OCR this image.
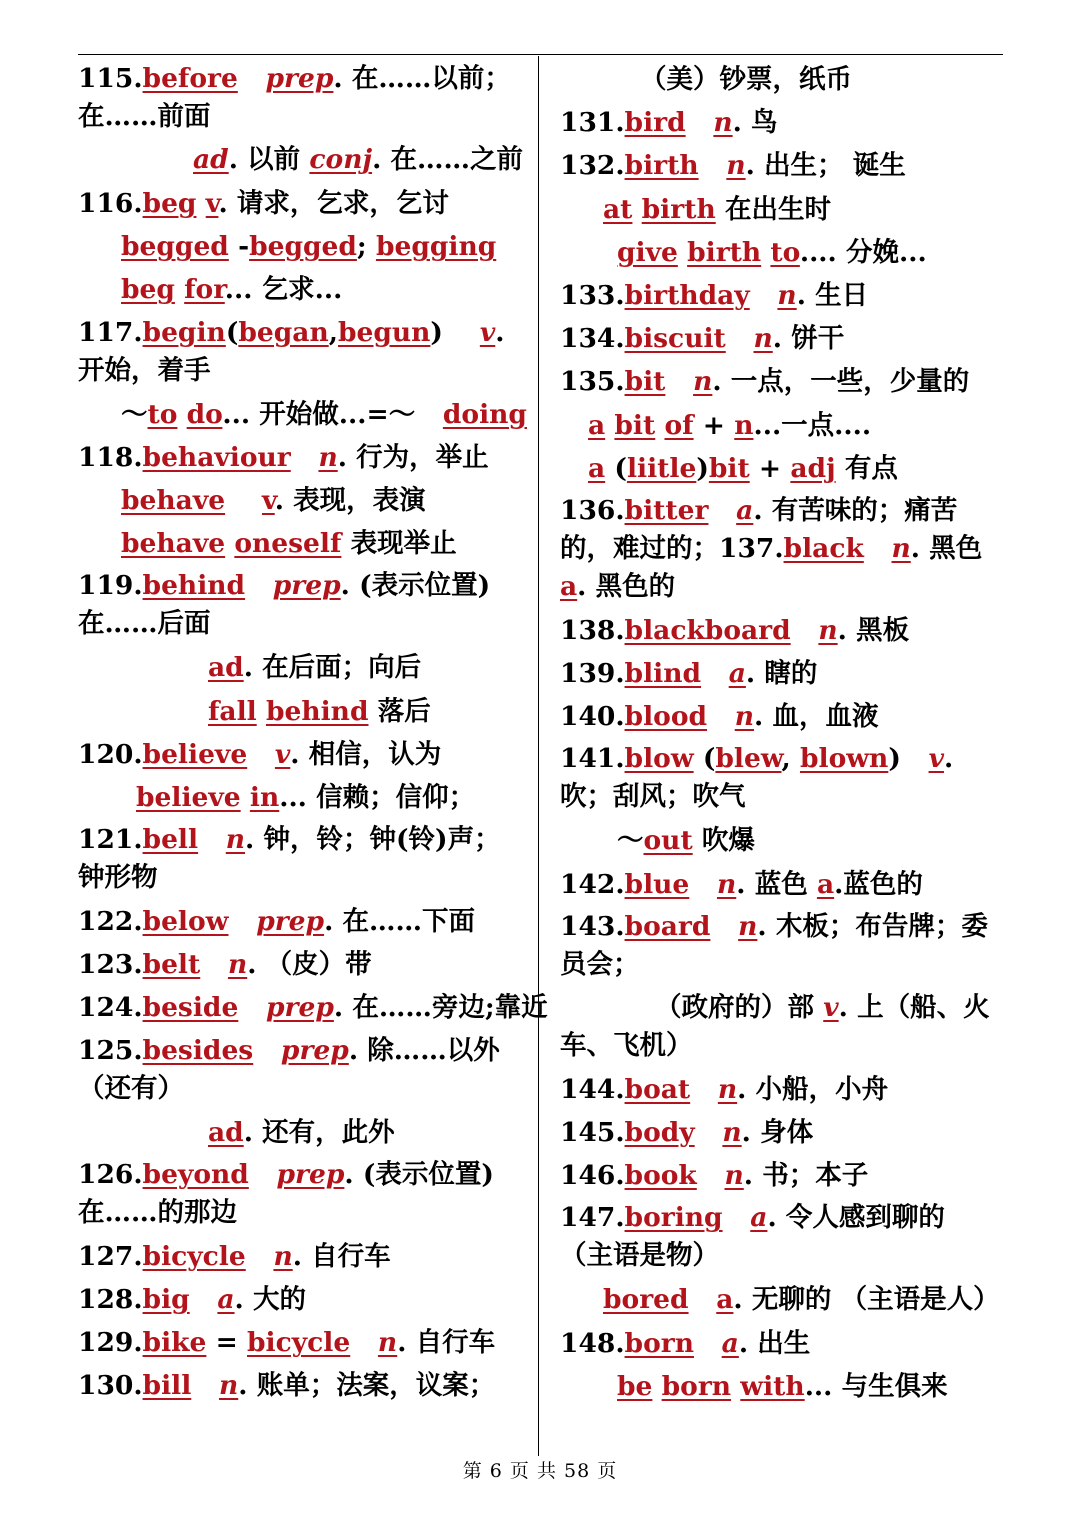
115.before prep. 在……以前；在……前面
ad. 以前 conj. 在……之前
116.beg v. 请求，乞求，乞讨
begged -begged; begging
beg for... 乞求...
117.begin(began,begun) v. 开始，着手
～to do... 开始做...=～   doing
118.behaviour n. 行为，举止
behave v. 表现，表演
behave oneself 表现举止
119.behind prep. (表示位置)在……后面
ad. 在后面；向后
fall behind 落后
120.believe v. 相信，认为
believe in... 信赖；信仰；
121.bell n. 钟，铃；钟(铃)声；钟形物
122.below prep. 在……下面
123.belt n. （皮）带
124.beside prep. 在……旁边;靠近
125.besides prep. 除……以外（还有）
ad. 还有，此外
126.beyond prep. (表示位置)在……的那边
127.bicycle n. 自行车
128.big a. 大的
129.bike = bicycle n. 自行车
130.bill n. 账单；法案，议案；
（美）钞票，纸币
131.bird n. 鸟
132.birth n. 出生； 诞生
at birth 在出生时
give birth to.... 分娩...
133.birthday n. 生日
134.biscuit n. 饼干
135.bit n. 一点，一些，少量的
a bit of + n...一点....
a (liitle)bit + adj 有点
136.bitter a. 有苦味的；痛苦的，难过的；137.black n. 黑色 a. 黑色的
138.blackboard n. 黑板
139.blind a. 瞎的
140.blood n. 血，血液
141.blow (blew, blown) v. 吹；刮风；吹气
～out 吹爆
142.blue n. 蓝色 a.蓝色的
143.board n. 木板；布告牌；委员会；
（政府的）部 v. 上（船、火车、飞机）
144.boat n. 小船，小舟
145.body n. 身体
146.book n. 书；本子
147.boring a. 令人感到聊的 （主语是物）
bored a. 无聊的 （主语是人）
148.born a. 出生
be born with... 与生俱来
第 6 页 共 58 页
